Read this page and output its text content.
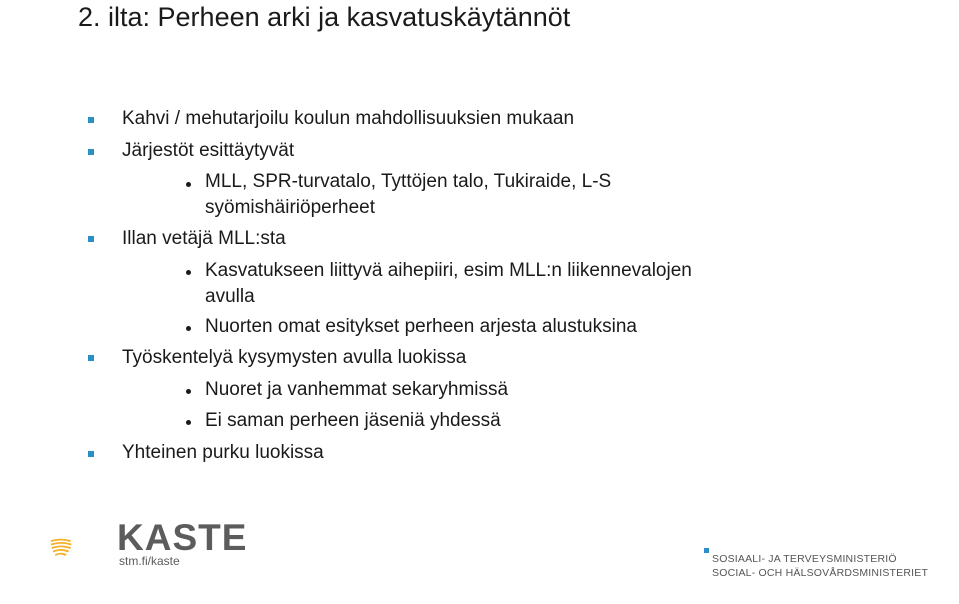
2. ilta: Perheen arki ja kasvatuskäytännöt
Kahvi / mehutarjoilu koulun mahdollisuuksien mukaan
Järjestöt esittäytyvät
MLL, SPR-turvatalo, Tyttöjen talo, Tukiraide, L-S
syömishäiriöperheet
Illan vetäjä MLL:sta
Kasvatukseen liittyvä aihepiiri, esim MLL:n liikennevalojen
avulla
Nuorten omat esitykset perheen arjesta alustuksina
Työskentelyä kysymysten avulla luokissa
Nuoret ja vanhemmat sekaryhmissä
Ei saman perheen jäseniä yhdessä
Yhteinen purku luokissa
KASTE
stm.fi/kaste	SOSIAALI- JA TERVEYSMINISTERIÖ
SOCIAL- OCH HÄLSOVÅRDSMINISTERIET
